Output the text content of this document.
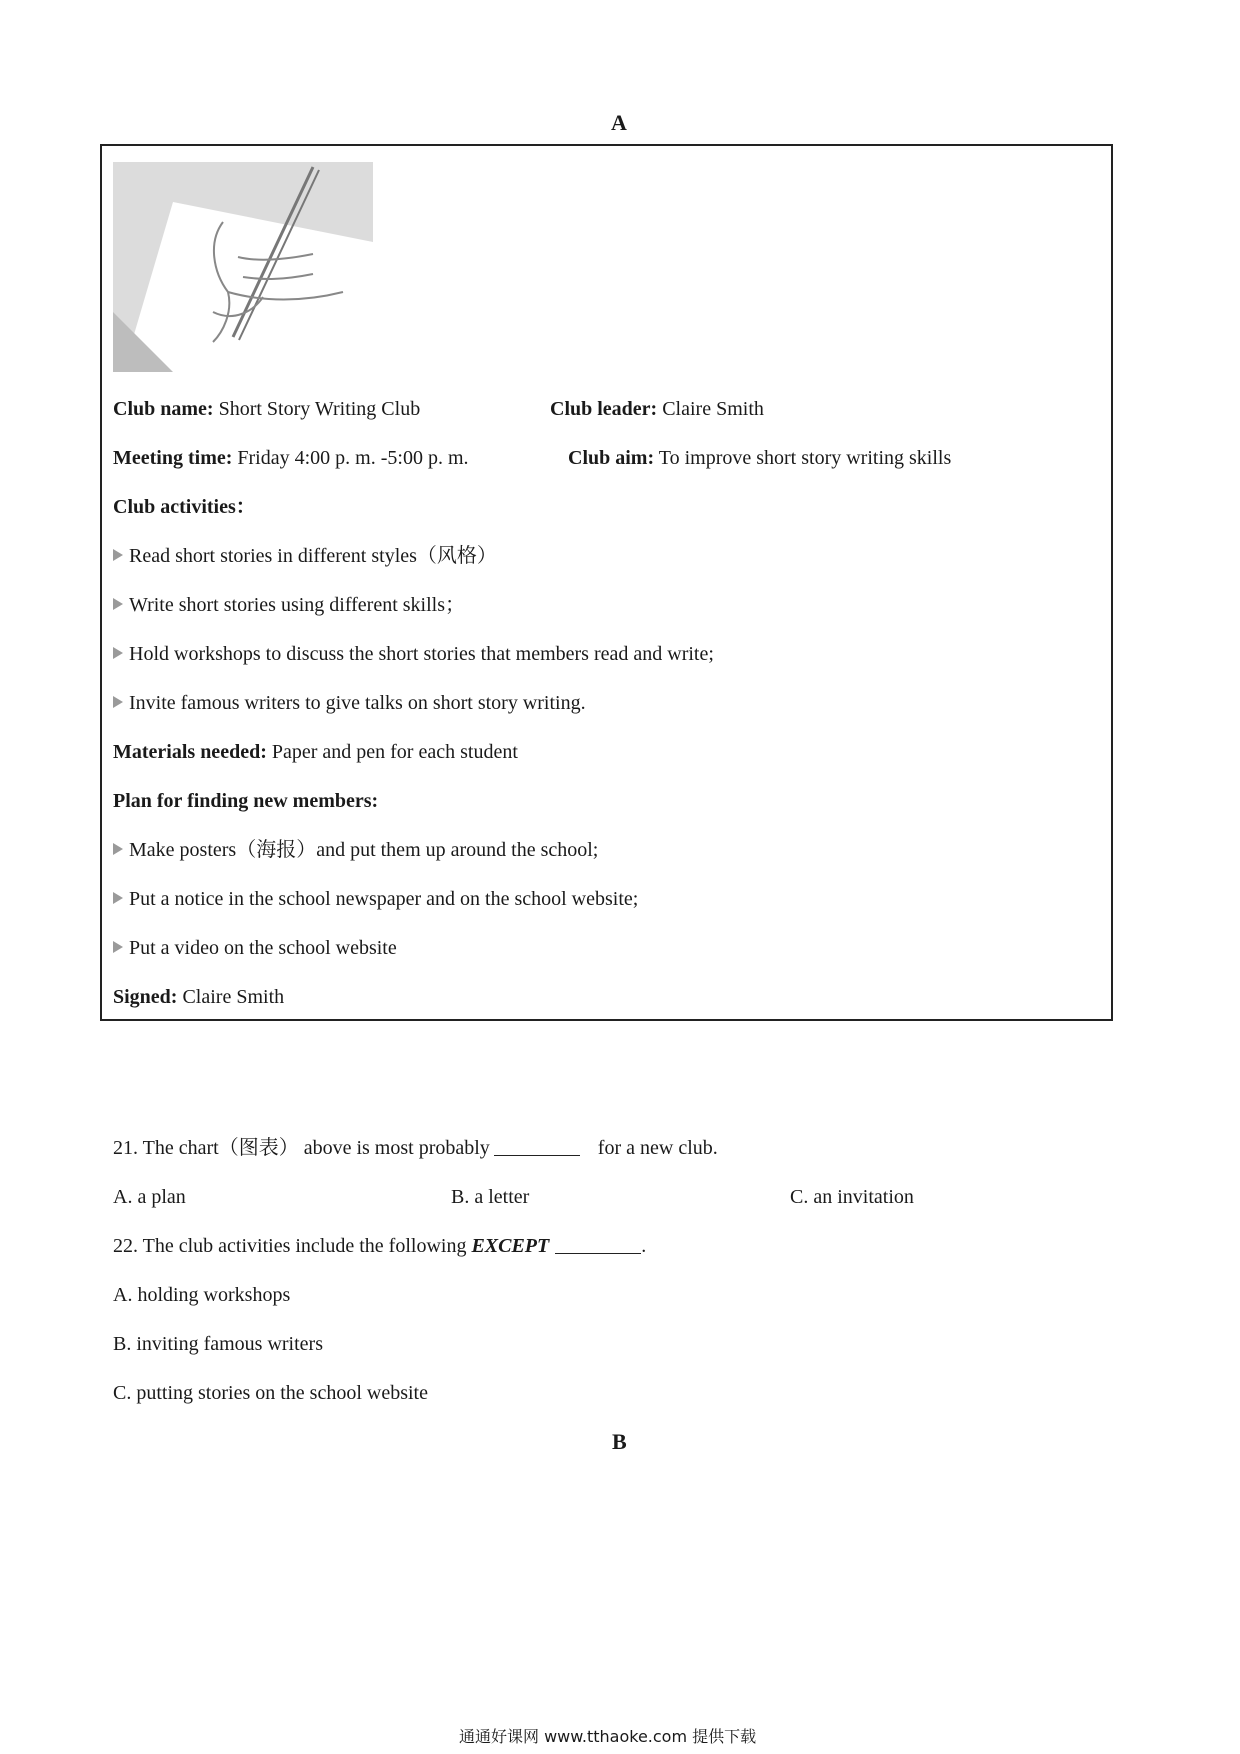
A
Club name: Short Story Writing Club	Club leader: Claire Smith
Meeting time: Friday 4:00 p. m. -5:00 p. m.	Club aim: To improve short story writing skills
Club activities：
Read short stories in different styles（风格）
Write short stories using different skills；
Hold workshops to discuss the short stories that members read and write;
Invite famous writers to give talks on short story writing.
Materials needed: Paper and pen for each student
Plan for finding new members:
Make posters（海报）and put them up around the school;
Put a notice in the school newspaper and on the school website;
Put a video on the school website
Signed: Claire Smith
21. The chart（图表） above is most probably	for a new club.
A. a plan	B. a letter	C. an invitation
22. The club activities include the following EXCEPT	.
A. holding workshops
B. inviting famous writers
C. putting stories on the school website
B
通通好课网 www.tthaoke.com 提供下载
